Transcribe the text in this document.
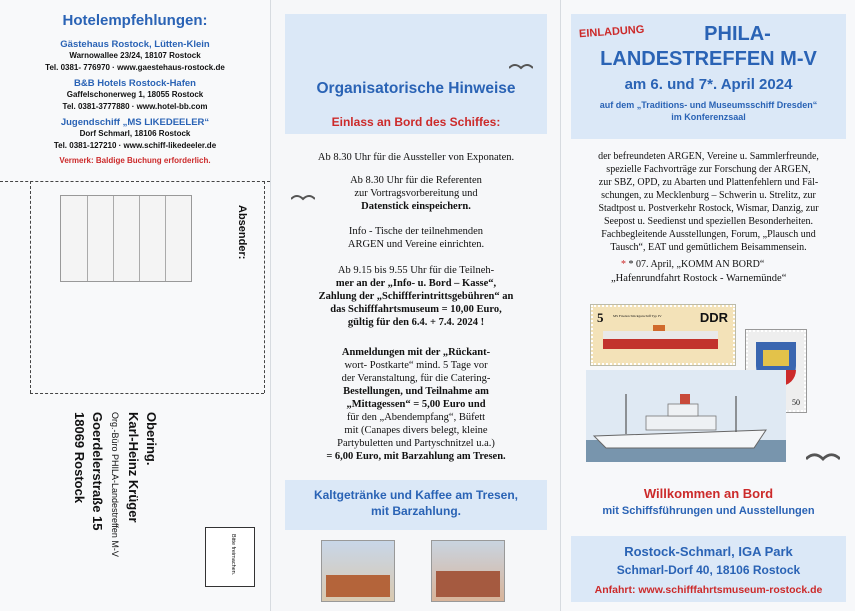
Hotelempfehlungen:
Gästehaus Rostock, Lütten-Klein
Warnowallee 23/24, 18107 Rostock
Tel. 0381- 776970 · www.gaestehaus-rostock.de
B&B Hotels Rostock-Hafen
Gaffelschonerweg 1, 18055 Rostock
Tel. 0381-3777880 · www.hotel-bb.com
Jugendschiff „MS LIKEDEELER“
Dorf Schmarl, 18106 Rostock
Tel. 0381-127210 · www.schiff-likedeeler.de
Vermerk: Baldige Buchung erforderlich.
Absender:
Bitte freimachen.
Obering.
Karl-Heinz Krüger
Org.-Büro PHILA-Landestreffen M-V
Goerdelerstraße 15
18069 Rostock
Organisatorische Hinweise
Einlass an Bord des Schiffes:
Ab 8.30 Uhr für die Aussteller von Exponaten.
Ab 8.30 Uhr für die Referenten
zur Vortragsvorbereitung und
Datenstick einspeichern.
Info - Tische der teilnehmenden
ARGEN und Vereine einrichten.
Ab 9.15 bis 9.55 Uhr für die Teilneh-
mer an der „Info- u. Bord – Kasse“,
Zahlung der „Schiffferintrittsgebühren“ an
das Schifffahrtsmuseum = 10,00 Euro,
gültig für den 6.4. + 7.4. 2024 !
Anmeldungen mit der „Rückant-
wort- Postkarte“ mind. 5 Tage vor
der Veranstaltung, für die Catering-
Bestellungen, und Teilnahme am
„Mittagessen“ = 5,00 Euro und
für den „Abendempfang“, Büfett
mit (Canapes divers belegt, kleine
Partybuletten und Partyschnitzel u.a.)
= 6,00 Euro, mit Barzahlung am Tresen.
Kaltgetränke und Kaffee am Tresen,
mit Barzahlung.
EINLADUNG	PHILA-
LANDESTREFFEN M-V
am 6. und 7*. April 2024
auf dem „Traditions- und Museumsschiff Dresden“
im Konferenzsaal
der befreundeten ARGEN, Vereine u. Sammlerfreunde,
spezielle Fachvorträge zur Forschung der ARGEN,
zur SBZ, OPD, zu Abarten und Plattenfehlern und Fäl-
schungen, zu Mecklenburg – Schwerin u. Strelitz, zur
Stadtpost u. Postverkehr Rostock, Wismar, Danzig, zur
Seepost u. Seedienst und speziellen Besonderheiten.
Fachbegleitende Ausstellungen, Forum, „Plausch und
Tausch“, EAT und gemütlichem Beisammensein.
* * 07. April, „KOMM AN BORD“
„Hafenrundfahrt Rostock - Warnemünde“
5	DDR
MS Frieden Stückgutschiff Typ IV
50
Willkommen an Bord
mit Schiffsführungen und Ausstellungen
Rostock-Schmarl, IGA Park
Schmarl-Dorf 40, 18106 Rostock
Anfahrt: www.schifffahrtsmuseum-rostock.de
